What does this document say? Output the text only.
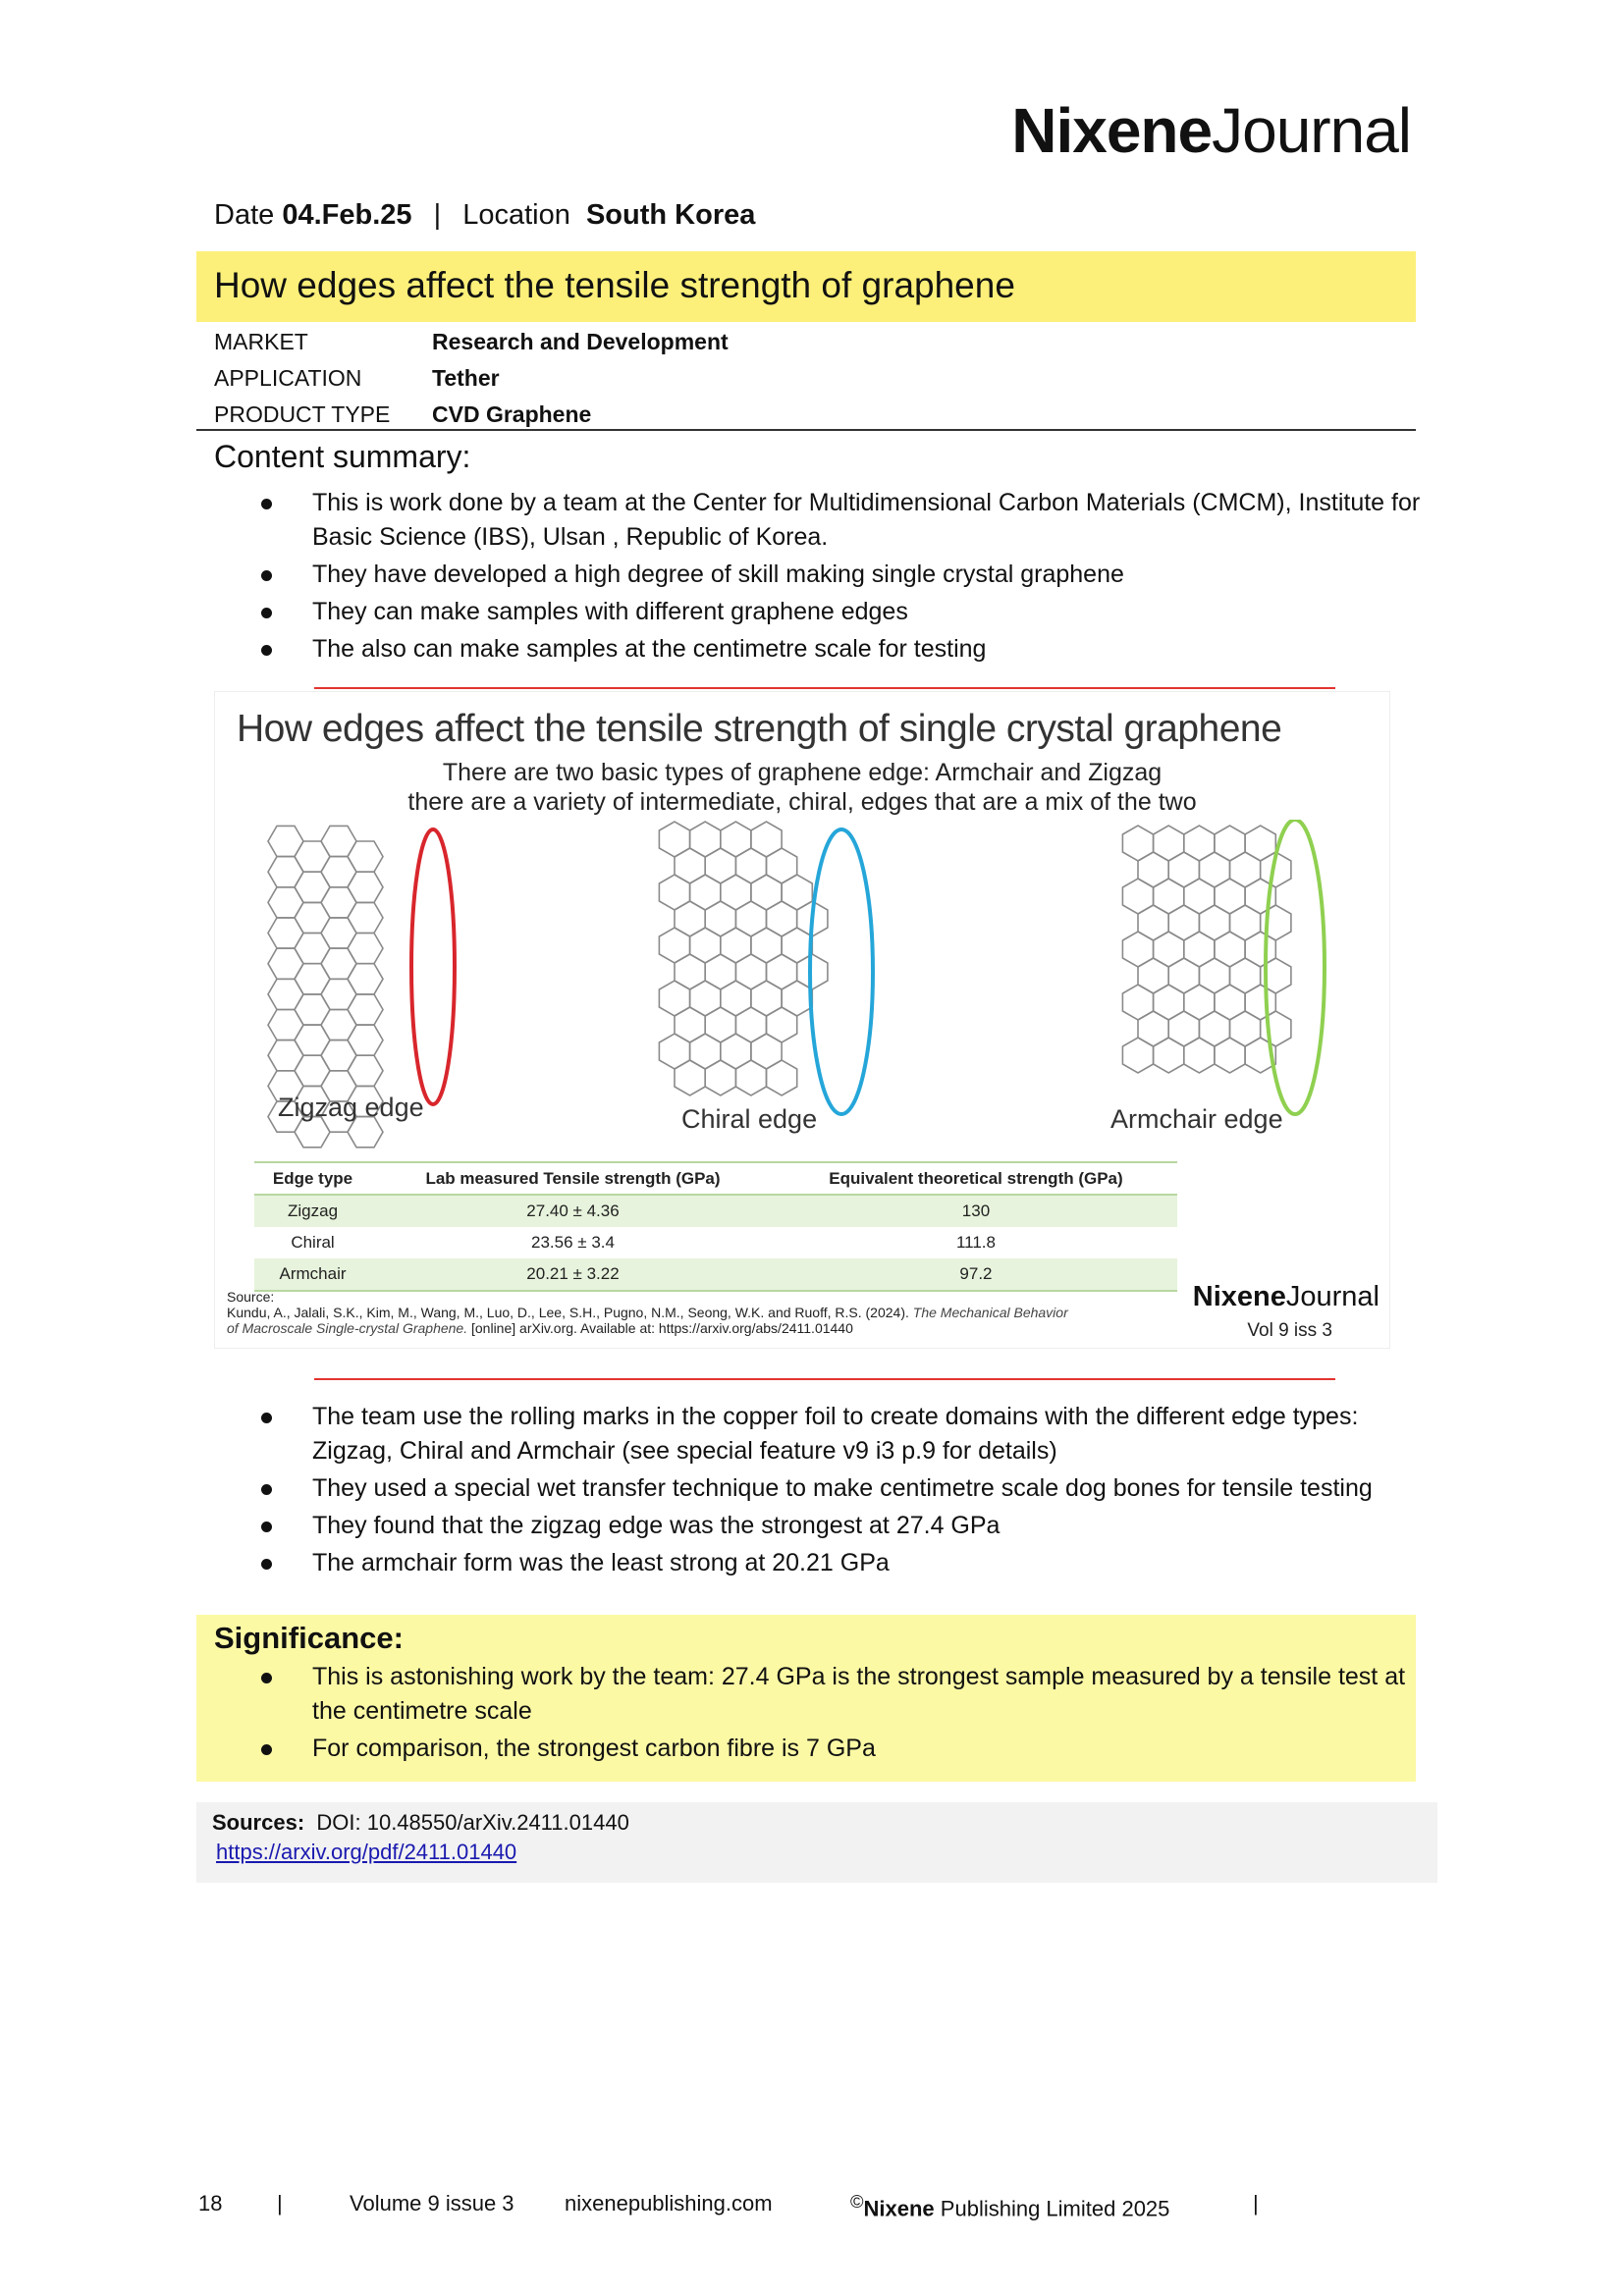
NixeneJournal
Date 04.Feb.25 | Location South Korea
How edges affect the tensile strength of graphene
MARKET	Research and Development
APPLICATION	Tether
PRODUCT TYPE	CVD Graphene
Content summary:
This is work done by a team at the Center for Multidimensional Carbon Materials (CMCM), Institute for Basic Science (IBS), Ulsan , Republic of Korea.
They have developed a high degree of skill making single crystal graphene
They can make samples with different graphene edges
The also can make samples at the centimetre scale for testing
How edges affect the tensile strength of single crystal graphene
There are two basic types of graphene edge: Armchair and Zigzag
there are a variety of intermediate, chiral, edges that are a mix of the two
Zigzag edge	Chiral edge	Armchair edge
Edge type	Lab measured Tensile strength (GPa)	Equivalent theoretical strength (GPa)
Zigzag	27.40 ± 4.36	130
Chiral	23.56 ± 3.4	111.8
Armchair	20.21 ± 3.22	97.2
Source:
Kundu, A., Jalali, S.K., Kim, M., Wang, M., Luo, D., Lee, S.H., Pugno, N.M., Seong, W.K. and Ruoff, R.S. (2024). The Mechanical Behavior of Macroscale Single-crystal Graphene. [online] arXiv.org. Available at: https://arxiv.org/abs/2411.01440
NixeneJournal
Vol 9 iss 3
The team use the rolling marks in the copper foil to create domains with the different edge types: Zigzag, Chiral and Armchair (see special feature v9 i3 p.9 for details)
They used a special wet transfer technique to make centimetre scale dog bones for tensile testing
They found that the zigzag edge was the strongest at 27.4 GPa
The armchair form was the least strong at 20.21 GPa
Significance:
This is astonishing work by the team: 27.4 GPa is the strongest sample measured by a tensile test at the centimetre scale
For comparison, the strongest carbon fibre is 7 GPa
Sources: DOI: 10.48550/arXiv.2411.01440
https://arxiv.org/pdf/2411.01440
18	|	Volume 9 issue 3 nixenepublishing.com	©Nixene Publishing Limited 2025	|
